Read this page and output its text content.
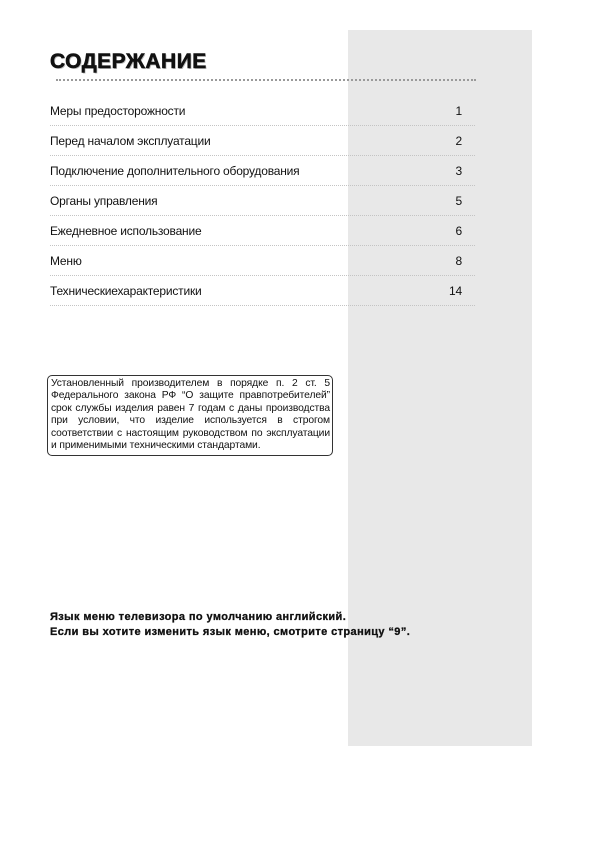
СОДЕРЖАНИЕ
Меры предосторожности	1
Перед началом эксплуатации	2
Подключение дополнительного оборудования	3
Органы управления	5
Ежедневное использование	6
Меню	8
Техническиехарактеристики	14
Установленный производителем в порядке п. 2 ст. 5 Федерального закона РФ “О защите правпотребителей” срок службы изделия равен 7 годам с даны производства при условии, что изделие используется в строгом соответствии с настоящим руководством по эксплуатации и применимыми техническими стандартами.

Язык меню телевизора по умолчанию английский.
Если вы хотите изменить язык меню, смотрите страницу “9”.
